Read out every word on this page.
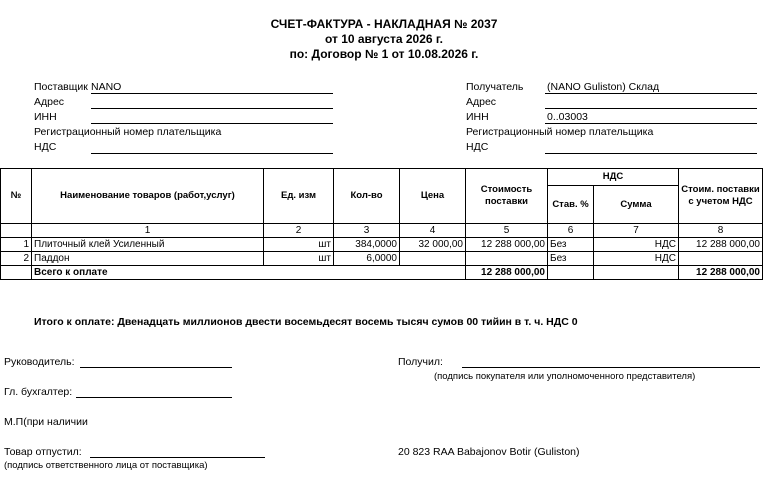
СЧЕТ-ФАКТУРА - НАКЛАДНАЯ № 2037
от 10 августа 2026 г.
по: Договор № 1 от 10.08.2026 г.
Поставщик NANO
Адрес
ИНН
Регистрационный номер плательщика
НДС
Получатель (NANO Guliston) Склад
Адрес
ИНН	0..03003
Регистрационный номер плательщика
НДС
№	Наименование товаров (работ,услуг)	Ед. изм	Кол-во	Цена	Стоимость поставки	НДС		Стоим. поставки с учетом НДС
						Став. %	Сумма	
	1	2	3	4	5	6	7	8
1	Плиточный клей Усиленный	шт	384,0000	32 000,00	12 288 000,00	Без	НДС	12 288 000,00
2	Паддон	шт	6,0000			Без	НДС	
	Всего к оплате				12 288 000,00			12 288 000,00
Итого к оплате: Двенадцать миллионов двести восемьдесят восемь тысяч сумов 00 тийин в т. ч. НДС 0
Руководитель:
Гл. бухгалтер:
М.П(при наличии
Товар отпустил:
(подпись ответственного лица от поставщика)
Получил:
(подпись покупателя или уполномоченного представителя)
20 823 RAA Babajonov Botir (Guliston)
